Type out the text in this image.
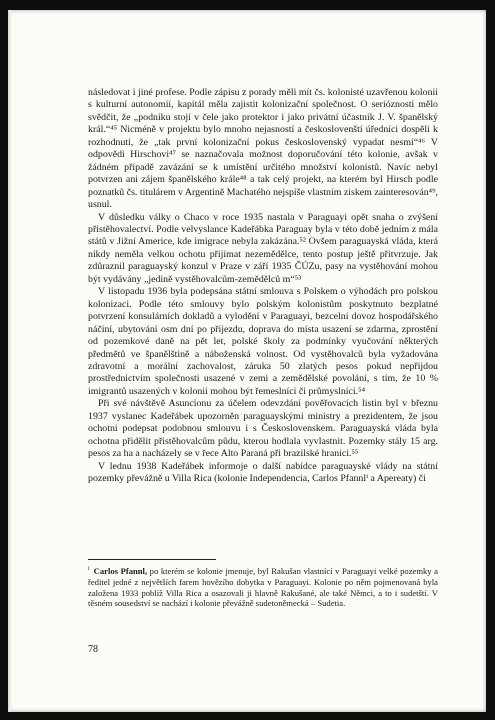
následovat i jiné profese. Podle zápisu z porady měli mít čs. kolonisté uzavřenou kolonii s kulturní autonomií, kapitál měla zajistit kolonizační společnost. O serióznosti mělo svědčit, že „podniku stojí v čele jako protektor i jako privátní účastník J. V. španělský král.“⁴⁵ Nicméně v projektu bylo mnoho nejasností a českoslovenští úředníci dospěli k rozhodnutí, že „tak první kolonizační pokus československý vypadat nesmí“⁴⁶ V odpovědi Hirschovi⁴⁷ se naznačovala možnost doporučování této kolonie, avšak v žádném případě zavázání se k umístění určitého množství kolonistů. Navíc nebyl potvrzen ani zájem španělského krále⁴⁸ a tak celý projekt, na kterém byl Hirsch podle poznatků čs. titulárem v Argentině Machatého nejspíše vlastním ziskem zainteresován⁴⁹, usnul.

V důsledku války o Chaco v roce 1935 nastala v Paraguayi opět snaha o zvýšení přistěhovalectví. Podle velvyslance Kadeřábka Paraguay byla v této době jedním z mála států v Jižní Americe, kde imigrace nebyla zakázána.⁵² Ovšem paraguayská vláda, která nikdy neměla velkou ochotu přijímat nezemědělce, tento postup ještě přitvrzuje. Jak zdůraznil paraguayský konzul v Praze v září 1935 ČÚZu, pasy na vystěhování mohou být vydávány „jedině vystěhovalcům-zemědělců m“⁵³

V listopadu 1936 byla podepsána státní smlouva s Polskem o výhodách pro polskou kolonizaci. Podle této smlouvy bylo polským kolonistům poskytnuto bezplatné potvrzení konsulárních dokladů a vylodění v Paraguayi, bezcelní dovoz hospodářského náčiní, ubytování osm dní po příjezdu, doprava do místa usazení se zdarma, zprostění od pozemkové daně na pět let, polské školy za podmínky vyučování některých předmětů ve španělštině a náboženská volnost. Od vystěhovalců byla vyžadována zdravotní a morální zachovalost, záruka 50 zlatých pesos pokud nepřijdou prostřednictvím společnosti usazené v zemi a zemědělské povolání, s tím, že 10 % imigrantů usazených v kolonii mohou být řemeslníci či průmyslníci.⁵⁴

Při své návštěvě Asuncionu za účelem odevzdání pověřovacích listin byl v březnu 1937 vyslanec Kadeřábek upozorněn paraguayskými ministry a prezidentem, že jsou ochotni podepsat podobnou smlouvu i s Československem. Paraguayská vláda byla ochotna přidělit přistěhovalcům půdu, kterou hodlala vyvlastnit. Pozemky stály 15 arg. pesos za ha a nacházely se v řece Alto Paraná při brazilské hranici.⁵⁵

V lednu 1938 Kadeřábek informoje o další nabídce paraguayské vlády na státní pozemky převážně u Villa Rica (kolonie Independencia, Carlos Pfannlⁱ a Apereaty) či

$^i$ Carlos Pfannl, po kterém se kolonie jmenuje, byl Rakušan vlastnící v Paraguayi velké pozemky a ředitel jedné z největších farem hovězího dobytka v Paraguayi. Kolonie po něm pojmenovaná byla založena 1933 poblíž Villa Rica a osazovali ji hlavně Rakušané, ale také Němci, a to i sudetští. V těsném sousedství se nachází i kolonie převážně sudetoněmecká – Sudetia.
78
